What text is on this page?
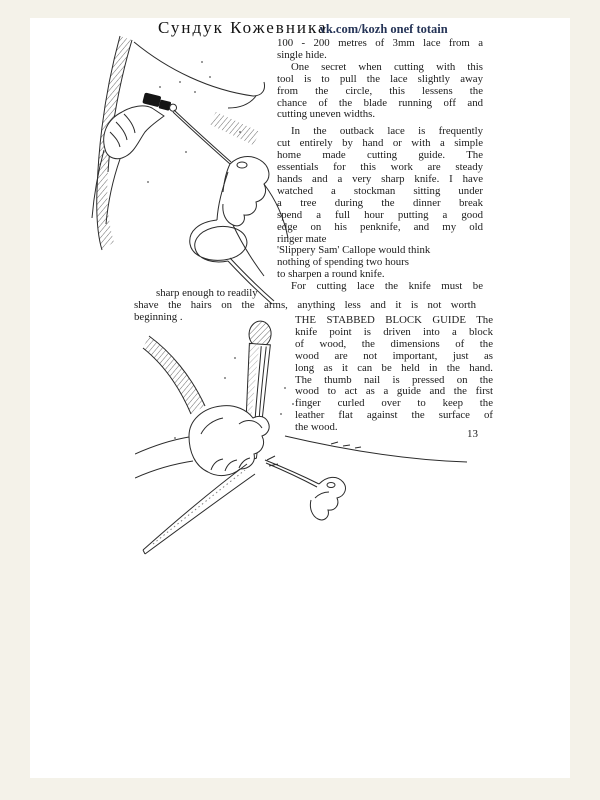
Сундук Кожевникаvk.com/kozh onef totain
100 - 200 metres of 3mm lace from a
single hide.
One secret when cutting with this
tool is to pull the lace slightly away
from the circle, this lessens the
chance of the blade running off and
cutting uneven widths.
In the outback lace is frequently
cut entirely by hand or with a simple
home made cutting guide. The
essentials for this work are steady
hands and a very sharp knife. I have
watched a stockman sitting under
a tree during the dinner break
spend a full hour putting a good
edge on his penknife, and my old
ringer mate
'Slippery Sam' Callope would think
nothing of spending two hours
to sharpen a round knife.
For cutting lace the knife must be
sharp enough to readily
shave the hairs on the arms, anything less and it is not worth
beginning .	THE STABBED BLOCK GUIDE The
knife point is driven into a block
of wood, the dimensions of the
wood are not important, just as
long as it can be held in the hand.
The thumb nail is pressed on the
wood to act as a guide and the first
finger curled over to keep the
leather flat against the surface of
the wood.
13
